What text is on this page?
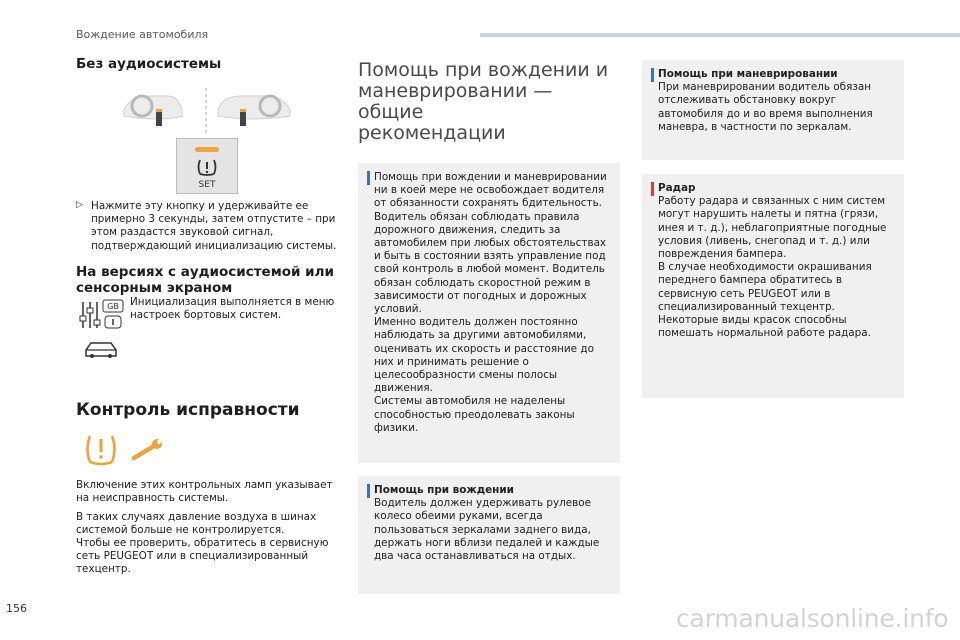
Вождение автомобиля
Без аудиосистемы
SET
▷ Нажмите эту кнопку и удерживайте ее примерно 3 секунды, затем отпустите – при этом раздастся звуковой сигнал, подтверждающий инициализацию системы.
На версиях с аудиосистемой или
сенсорным экраном
GB Инициализация выполняется в меню настроек бортовых систем.
Контроль исправности
Включение этих контрольных ламп указывает на неисправность системы.
В таких случаях давление воздуха в шинах системой больше не контролируется.
Чтобы ее проверить, обратитесь в сервисную сеть PEUGEOT или в специализированный техцентр.
Помощь при вождении и
маневрировании — общие
рекомендации
Помощь при вождении и маневрировании ни в коей мере не освобождает водителя от обязанности сохранять бдительность.
Водитель обязан соблюдать правила дорожного движения, следить за автомобилем при любых обстоятельствах и быть в состоянии взять управление под свой контроль в любой момент. Водитель обязан соблюдать скоростной режим в зависимости от погодных и дорожных условий.
Именно водитель должен постоянно наблюдать за другими автомобилями, оценивать их скорость и расстояние до них и принимать решение о целесообразности смены полосы движения.
Системы автомобиля не наделены способностью преодолевать законы физики.
Помощь при вождении
Водитель должен удерживать рулевое колесо обеими руками, всегда пользоваться зеркалами заднего вида, держать ноги вблизи педалей и каждые два часа останавливаться на отдых.
Помощь при маневрировании
При маневрировании водитель обязан отслеживать обстановку вокруг автомобиля до и во время выполнения маневра, в частности по зеркалам.
Радар
Работу радара и связанных с ним систем могут нарушить налеты и пятна (грязи, инея и т. д.), неблагоприятные погодные условия (ливень, снегопад и т. д.) или повреждения бампера.
В случае необходимости окрашивания переднего бампера обратитесь в сервисную сеть PEUGEOT или в специализированный техцентр. Некоторые виды красок способны помешать нормальной работе радара.
156	carmanualsonline.info
